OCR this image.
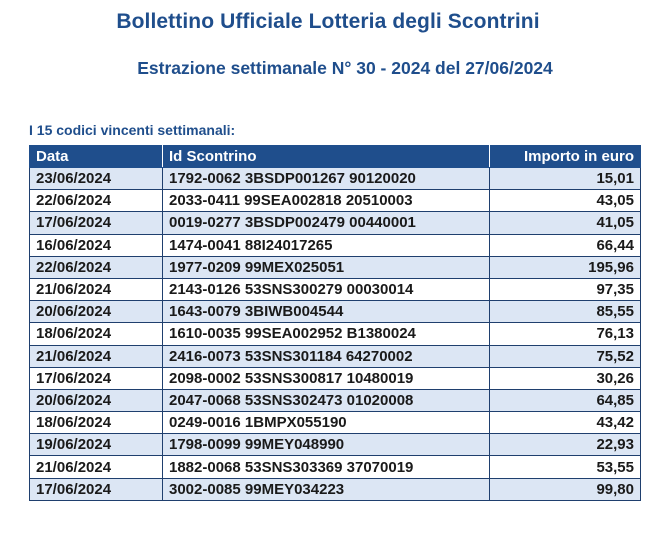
Bollettino Ufficiale Lotteria degli Scontrini
Estrazione settimanale N° 30 - 2024 del 27/06/2024
I 15 codici vincenti settimanali:
Data	Id Scontrino	Importo in euro
23/06/2024	1792-0062 3BSDP001267 90120020	15,01
22/06/2024	2033-0411 99SEA002818 20510003	43,05
17/06/2024	0019-0277 3BSDP002479 00440001	41,05
16/06/2024	1474-0041 88I24017265	66,44
22/06/2024	1977-0209 99MEX025051	195,96
21/06/2024	2143-0126 53SNS300279 00030014	97,35
20/06/2024	1643-0079 3BIWB004544	85,55
18/06/2024	1610-0035 99SEA002952 B1380024	76,13
21/06/2024	2416-0073 53SNS301184 64270002	75,52
17/06/2024	2098-0002 53SNS300817 10480019	30,26
20/06/2024	2047-0068 53SNS302473 01020008	64,85
18/06/2024	0249-0016 1BMPX055190	43,42
19/06/2024	1798-0099 99MEY048990	22,93
21/06/2024	1882-0068 53SNS303369 37070019	53,55
17/06/2024	3002-0085 99MEY034223	99,80
